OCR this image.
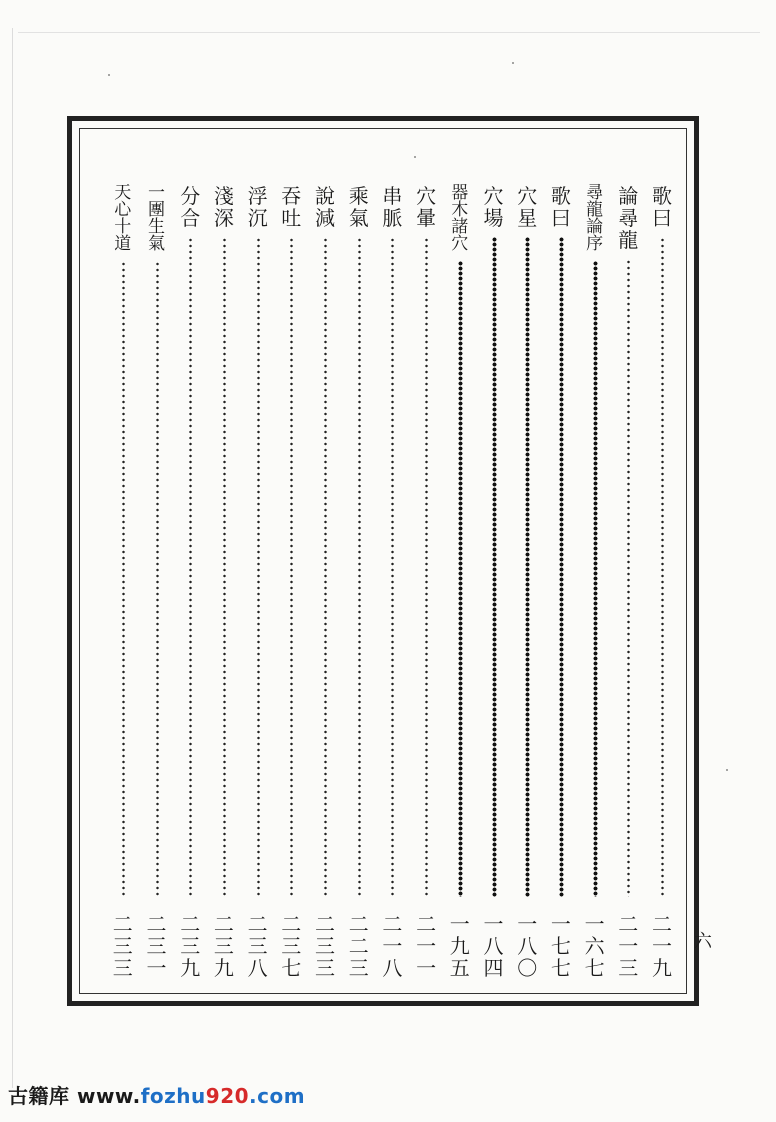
歌曰
二一九
論尋龍
二一三
尋龍論序
一六七
歌曰
一七七
穴星
一八〇
穴場
一八四
器木諸穴
一九五
穴暈
二一一
串脈
二一八
乘氣
二二三
說減
二三三
吞吐
二三七
浮沉
二三八
淺深
二三九
分合
二三九
一團生氣
二三一
天心十道
二三三
六
古籍库 www.fozhu920.com
